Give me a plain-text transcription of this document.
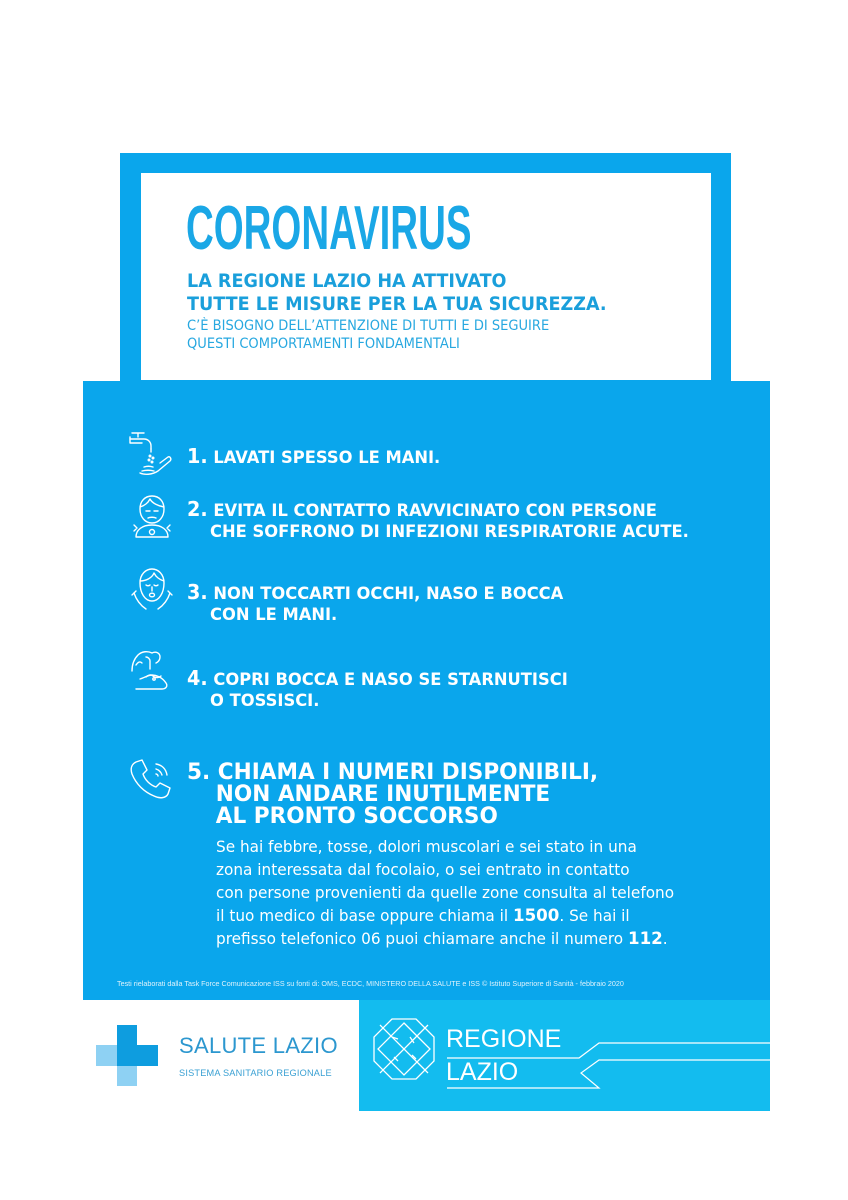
CORONAVIRUS
LA REGIONE LAZIO HA ATTIVATO
TUTTE LE MISURE PER LA TUA SICUREZZA.
C’È BISOGNO DELL’ATTENZIONE DI TUTTI E DI SEGUIRE
QUESTI COMPORTAMENTI FONDAMENTALI
1. LAVATI SPESSO LE MANI.
2. EVITA IL CONTATTO RAVVICINATO CON PERSONE
CHE SOFFRONO DI INFEZIONI RESPIRATORIE ACUTE.
3. NON TOCCARTI OCCHI, NASO E BOCCA
CON LE MANI.
4. COPRI BOCCA E NASO SE STARNUTISCI
O TOSSISCI.
5. CHIAMA I NUMERI DISPONIBILI,
NON ANDARE INUTILMENTE
AL PRONTO SOCCORSO
Se hai febbre, tosse, dolori muscolari e sei stato in una
zona interessata dal focolaio, o sei entrato in contatto
con persone provenienti da quelle zone consulta al telefono
il tuo medico di base oppure chiama il 1500. Se hai il
prefisso telefonico 06 puoi chiamare anche il numero 112.
Testi rielaborati dalla Task Force Comunicazione ISS su fonti di: OMS, ECDC, MINISTERO DELLA SALUTE e ISS © Istituto Superiore di Sanità - febbraio 2020
SALUTE LAZIO
SISTEMA SANITARIO REGIONALE
REGIONE
LAZIO
